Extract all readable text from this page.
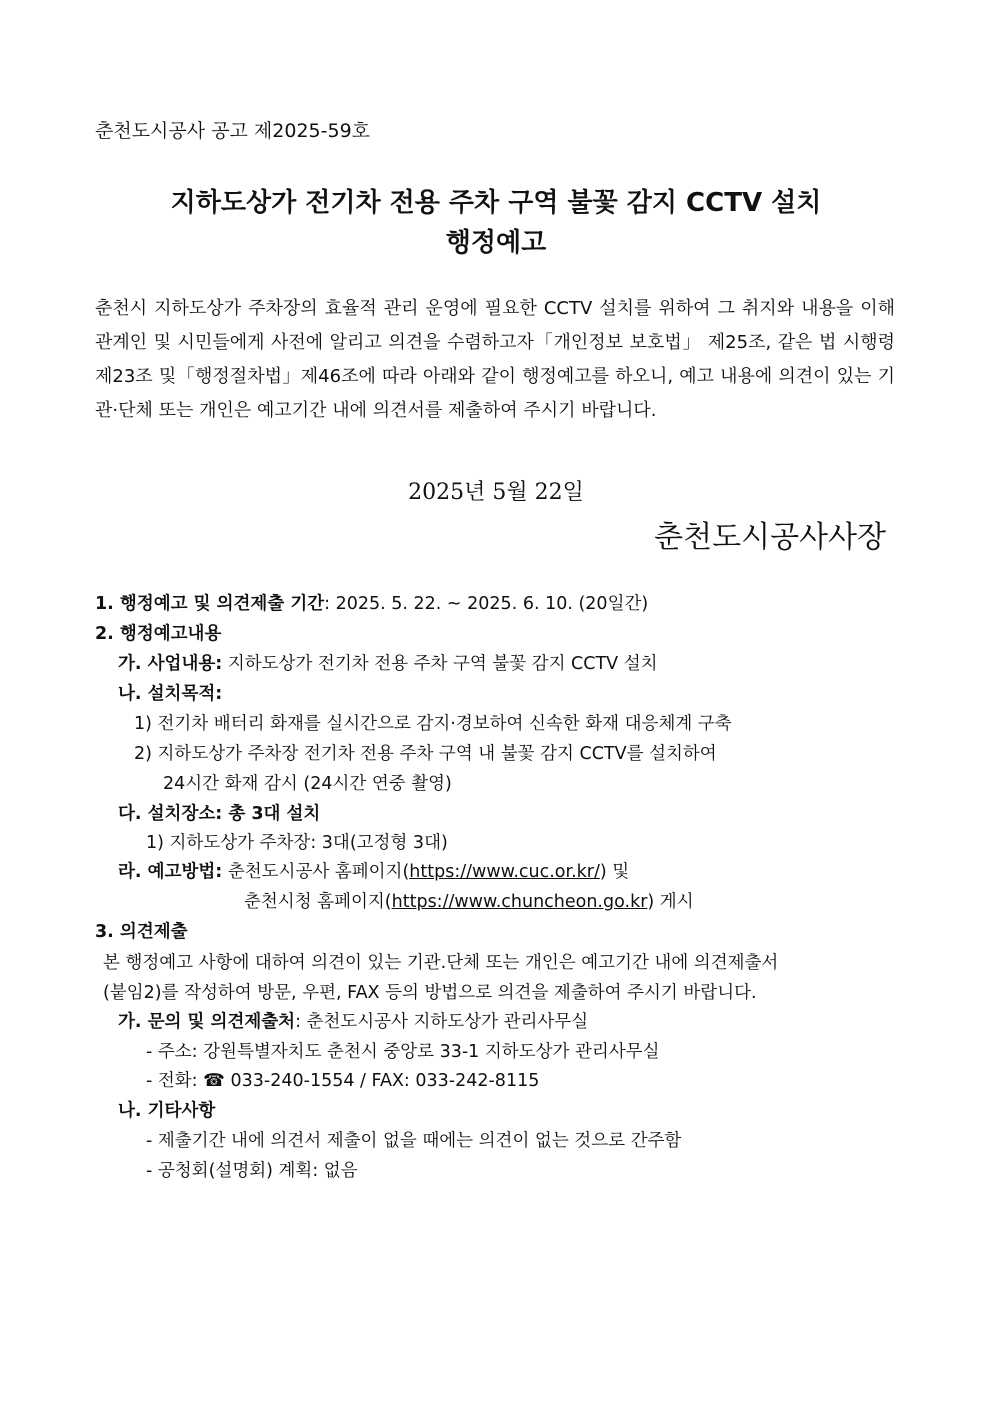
춘천도시공사 공고 제2025-59호
지하도상가 전기차 전용 주차 구역 불꽃 감지 CCTV 설치
행정예고

춘천시 지하도상가 주차장의 효율적 관리 운영에 필요한 CCTV 설치를 위하여 그 취지와 내용을 이해관계인 및 시민들에게 사전에 알리고 의견을 수렴하고자「개인정보 보호법」 제25조, 같은 법 시행령 제23조 및「행정절차법」제46조에 따라 아래와 같이 행정예고를 하오니, 예고 내용에 의견이 있는 기관·단체 또는 개인은 예고기간 내에 의견서를 제출하여 주시기 바랍니다.

2025년 5월 22일
춘천도시공사사장
1. 행정예고 및 의견제출 기간: 2025. 5. 22. ~ 2025. 6. 10. (20일간)
2. 행정예고내용
가. 사업내용: 지하도상가 전기차 전용 주차 구역 불꽃 감지 CCTV 설치
나. 설치목적:
1) 전기차 배터리 화재를 실시간으로 감지·경보하여 신속한 화재 대응체계 구축
2) 지하도상가 주차장 전기차 전용 주차 구역 내 불꽃 감지 CCTV를 설치하여
24시간 화재 감시 (24시간 연중 촬영)
다. 설치장소: 총 3대 설치
1) 지하도상가 주차장: 3대(고정형 3대)
라. 예고방법: 춘천도시공사 홈페이지(https://www.cuc.or.kr/) 및
춘천시청 홈페이지(https://www.chuncheon.go.kr) 게시
3. 의견제출
본 행정예고 사항에 대하여 의견이 있는 기관.단체 또는 개인은 예고기간 내에 의견제출서
(붙임2)를 작성하여 방문, 우편, FAX 등의 방법으로 의견을 제출하여 주시기 바랍니다.
가. 문의 및 의견제출처: 춘천도시공사 지하도상가 관리사무실
- 주소: 강원특별자치도 춘천시 중앙로 33-1 지하도상가 관리사무실
- 전화: ☎ 033-240-1554 / FAX: 033-242-8115
나. 기타사항
- 제출기간 내에 의견서 제출이 없을 때에는 의견이 없는 것으로 간주함
- 공청회(설명회) 계획: 없음
